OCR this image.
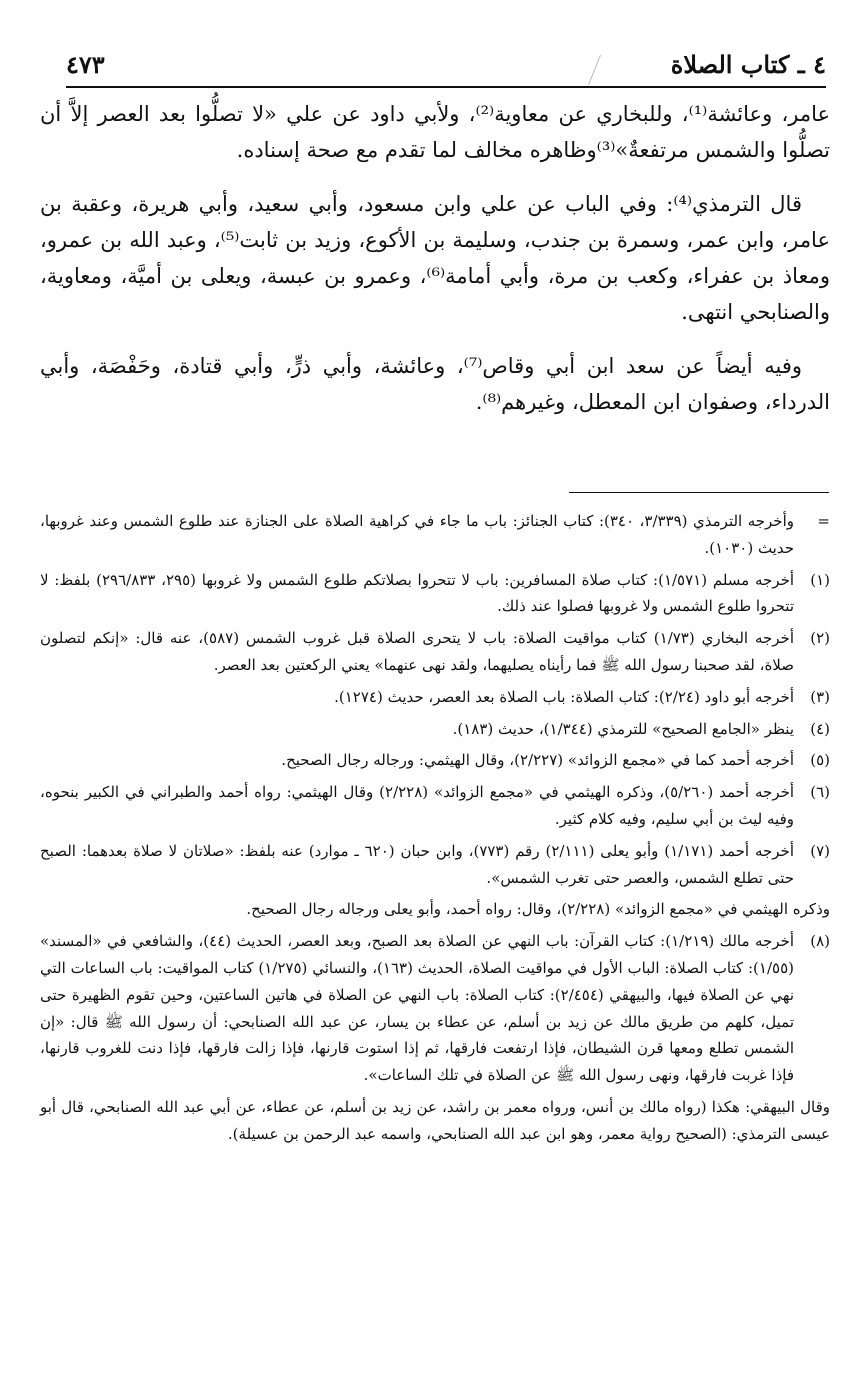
٤٧٣	٤ ـ كتاب الصلاة

عامر، وعائشة⁽¹⁾، وللبخاري عن معاوية⁽²⁾، ولأبي داود عن علي «لا تصلُّوا بعد العصر إلاَّ أن تصلُّوا والشمس مرتفعةٌ»⁽³⁾وظاهره مخالف لما تقدم مع صحة إسناده.

قال الترمذي⁽⁴⁾: وفي الباب عن علي وابن مسعود، وأبي سعيد، وأبي هريرة، وعقبة بن عامر، وابن عمر، وسمرة بن جندب، وسليمة بن الأكوع، وزيد بن ثابت⁽⁵⁾، وعبد الله بن عمرو، ومعاذ بن عفراء، وكعب بن مرة، وأبي أمامة⁽⁶⁾، وعمرو بن عبسة، ويعلى بن أميَّة، ومعاوية، والصنابحي انتهى.

وفيه أيضاً عن سعد ابن أبي وقاص⁽⁷⁾، وعائشة، وأبي ذرٍّ، وأبي قتادة، وحَفْصَة، وأبي الدرداء، وصفوان ابن المعطل، وغيرهم⁽⁸⁾.

=
وأخرجه الترمذي (٣/٣٣٩، ٣٤٠): كتاب الجنائز: باب ما جاء في كراهية الصلاة على الجنازة عند طلوع الشمس وعند غروبها، حديث (١٠٣٠).
(١)
أخرجه مسلم (١/٥٧١): كتاب صلاة المسافرين: باب لا تتحروا بصلاتكم طلوع الشمس ولا غروبها (٢٩٥، ٢٩٦/٨٣٣) بلفظ: لا تتحروا طلوع الشمس ولا غروبها فصلوا عند ذلك.
(٢)
أخرجه البخاري (١/٧٣) كتاب مواقيت الصلاة: باب لا يتحرى الصلاة قبل غروب الشمس (٥٨٧)، عنه قال: «إنكم لتصلون صلاة، لقد صحبنا رسول الله ﷺ فما رأيناه يصليهما، ولقد نهى عنهما» يعني الركعتين بعد العصر.
(٣)
أخرجه أبو داود (٢/٢٤): كتاب الصلاة: باب الصلاة بعد العصر، حديث (١٢٧٤).
(٤)
ينظر «الجامع الصحيح» للترمذي (١/٣٤٤)، حديث (١٨٣).
(٥)
أخرجه أحمد كما في «مجمع الزوائد» (٢/٢٢٧)، وقال الهيثمي: ورجاله رجال الصحيح.
(٦)
أخرجه أحمد (٥/٢٦٠)، وذكره الهيثمي في «مجمع الزوائد» (٢/٢٢٨) وقال الهيثمي: رواه أحمد والطبراني في الكبير بنحوه، وفيه ليث بن أبي سليم، وفيه كلام كثير.
(٧)
أخرجه أحمد (١/١٧١) وأبو يعلى (٢/١١١) رقم (٧٧٣)، وابن حبان (٦٢٠ ـ موارد) عنه بلفظ: «صلاتان لا صلاة بعدهما: الصبح حتى تطلع الشمس، والعصر حتى تغرب الشمس».
وذكره الهيثمي في «مجمع الزوائد» (٢/٢٢٨)، وقال: رواه أحمد، وأبو يعلى ورجاله رجال الصحيح.
(٨)
أخرجه مالك (١/٢١٩): كتاب القرآن: باب النهي عن الصلاة بعد الصبح، وبعد العصر، الحديث (٤٤)، والشافعي في «المسند» (١/٥٥): كتاب الصلاة: الباب الأول في مواقيت الصلاة، الحديث (١٦٣)، والنسائي (١/٢٧٥) كتاب المواقيت: باب الساعات التي نهي عن الصلاة فيها، والبيهقي (٢/٤٥٤): كتاب الصلاة: باب النهي عن الصلاة في هاتين الساعتين، وحين تقوم الظهيرة حتى تميل، كلهم من طريق مالك عن زيد بن أسلم، عن عطاء بن يسار، عن عبد الله الصنابحي: أن رسول الله ﷺ قال: «إن الشمس تطلع ومعها قرن الشيطان، فإذا ارتفعت فارقها، ثم إذا استوت قارنها، فإذا زالت فارقها، فإذا دنت للغروب قارنها، فإذا غربت فارقها، ونهى رسول الله ﷺ عن الصلاة في تلك الساعات».
وقال البيهقي: هكذا (رواه مالك بن أنس، ورواه معمر بن راشد، عن زيد بن أسلم، عن عطاء، عن أبي عبد الله الصنابحي، قال أبو عيسى الترمذي: (الصحيح رواية معمر، وهو ابن عبد الله الصنابحي، واسمه عبد الرحمن بن عسيلة).
